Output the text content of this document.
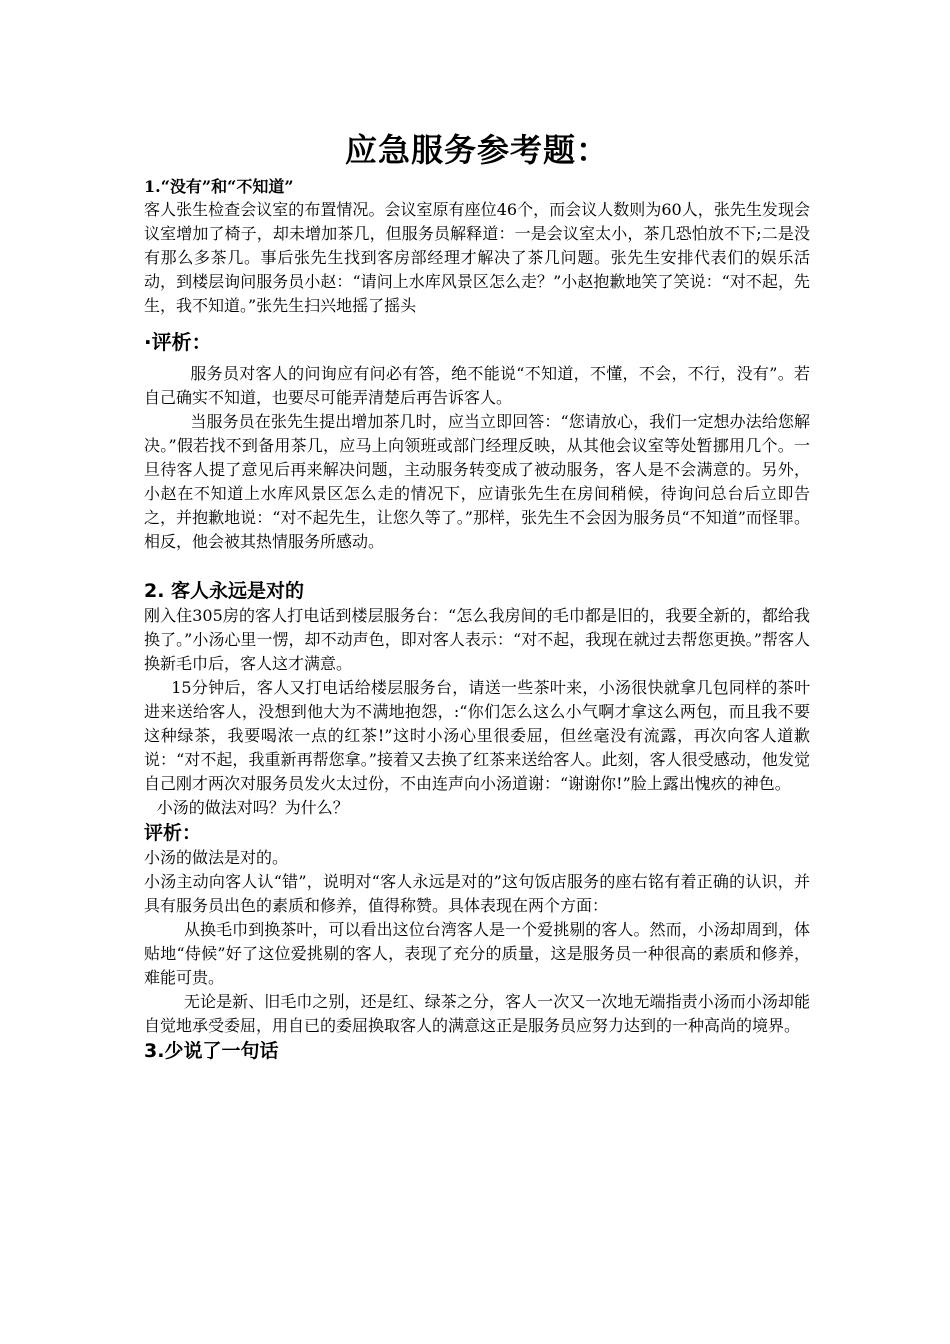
应急服务参考题：

1.“没有”和“不知道”

客人张生检查会议室的布置情况。会议室原有座位46个，而会议人数则为60人，张先生发现会议室增加了椅子，却未增加茶几，但服务员解释道：一是会议室太小，茶几恐怕放不下;二是没有那么多茶几。事后张先生找到客房部经理才解决了茶几问题。张先生安排代表们的娱乐活动，到楼层询问服务员小赵：“请问上水库风景区怎么走？”小赵抱歉地笑了笑说：“对不起，先生，我不知道。”张先生扫兴地摇了摇头

·评析：

服务员对客人的问询应有问必有答，绝不能说“不知道，不懂，不会，不行，没有”。若自己确实不知道，也要尽可能弄清楚后再告诉客人。

当服务员在张先生提出增加茶几时，应当立即回答：“您请放心，我们一定想办法给您解决。”假若找不到备用茶几，应马上向领班或部门经理反映，从其他会议室等处暂挪用几个。一旦待客人提了意见后再来解决问题，主动服务转变成了被动服务，客人是不会满意的。另外，小赵在不知道上水库风景区怎么走的情况下，应请张先生在房间稍候，待询问总台后立即告之，并抱歉地说：“对不起先生，让您久等了。”那样，张先生不会因为服务员“不知道”而怪罪。相反，他会被其热情服务所感动。

2. 客人永远是对的

刚入住305房的客人打电话到楼层服务台：“怎么我房间的毛巾都是旧的，我要全新的，都给我换了。”小汤心里一愣，却不动声色，即对客人表示：“对不起，我现在就过去帮您更换。”帮客人换新毛巾后，客人这才满意。

15分钟后，客人又打电话给楼层服务台，请送一些茶叶来，小汤很快就拿几包同样的茶叶进来送给客人，没想到他大为不满地抱怨，:“你们怎么这么小气啊才拿这么两包，而且我不要这种绿茶，我要喝浓一点的红茶!”这时小汤心里很委屈，但丝毫没有流露，再次向客人道歉说：“对不起，我重新再帮您拿。”接着又去换了红茶来送给客人。此刻，客人很受感动，他发觉自己刚才两次对服务员发火太过份，不由连声向小汤道谢：“谢谢你!”脸上露出愧疚的神色。

小汤的做法对吗？为什么？

评析：

小汤的做法是对的。

小汤主动向客人认“错”，说明对“客人永远是对的”这句饭店服务的座右铭有着正确的认识，并具有服务员出色的素质和修养，值得称赞。具体表现在两个方面：

从换毛巾到换茶叶，可以看出这位台湾客人是一个爱挑剔的客人。然而，小汤却周到，体贴地“侍候”好了这位爱挑剔的客人，表现了充分的质量，这是服务员一种很高的素质和修养，难能可贵。

无论是新、旧毛巾之别，还是红、绿茶之分，客人一次又一次地无端指责小汤而小汤却能自觉地承受委屈，用自已的委屈换取客人的满意这正是服务员应努力达到的一种高尚的境界。

3.少说了一句话
